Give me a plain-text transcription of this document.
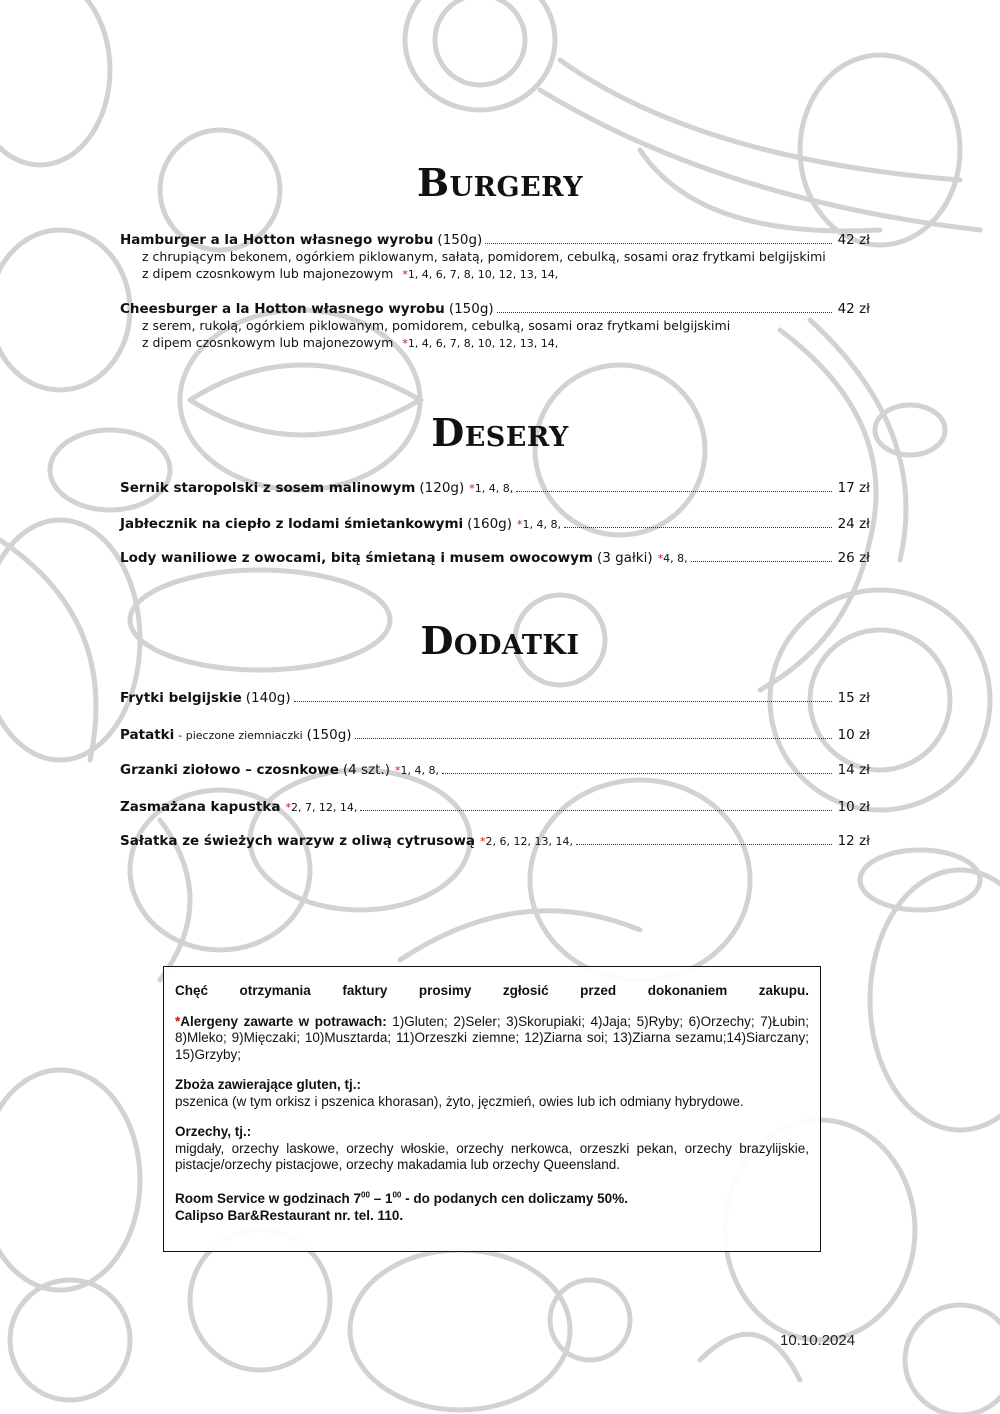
Burgery
Hamburger a la Hotton własnego wyrobu (150g)	42 zł
z chrupiącym bekonem, ogórkiem piklowanym, sałatą, pomidorem, cebulką, sosami oraz frytkami belgijskimi
z dipem czosnkowym lub majonezowym *1, 4, 6, 7, 8, 10, 12, 13, 14,
Cheesburger a la Hotton własnego wyrobu (150g)	42 zł
z serem, rukolą, ogórkiem piklowanym, pomidorem, cebulką, sosami oraz frytkami belgijskimi
z dipem czosnkowym lub majonezowym *1, 4, 6, 7, 8, 10, 12, 13, 14,
Desery
Sernik staropolski z sosem malinowym (120g) *1, 4, 8,	17 zł
Jabłecznik na ciepło z lodami śmietankowymi (160g) *1, 4, 8,	24 zł
Lody waniliowe z owocami, bitą śmietaną i musem owocowym (3 gałki) *4, 8,	26 zł
Dodatki
Frytki belgijskie (140g)	15 zł
Patatki - pieczone ziemniaczki (150g)	10 zł
Grzanki ziołowo – czosnkowe (4 szt.) *1, 4, 8,	14 zł
Zasmażana kapustka *2, 7, 12, 14,	10 zł
Sałatka ze świeżych warzyw z oliwą cytrusową *2, 6, 12, 13, 14,	12 zł

Chęć otrzymania faktury prosimy zgłosić przed dokonaniem zakupu.

*Alergeny zawarte w potrawach: 1)Gluten; 2)Seler; 3)Skorupiaki; 4)Jaja; 5)Ryby; 6)Orzechy; 7)Łubin; 8)Mleko; 9)Mięczaki; 10)Musztarda; 11)Orzeszki ziemne; 12)Ziarna soi; 13)Ziarna sezamu;14)Siarczany; 15)Grzyby;

Zboża zawierające gluten, tj.:

pszenica (w tym orkisz i pszenica khorasan), żyto, jęczmień, owies lub ich odmiany hybrydowe.

Orzechy, tj.:

migdały, orzechy laskowe, orzechy włoskie, orzechy nerkowca, orzeszki pekan, orzechy brazylijskie, pistacje/orzechy pistacjowe, orzechy makadamia lub orzechy Queensland.

Room Service w godzinach $7^{00} - 1^{00}$ - do podanych cen doliczamy 50%.

Calipso Bar&Restaurant nr. tel. 110.

10.10.2024
